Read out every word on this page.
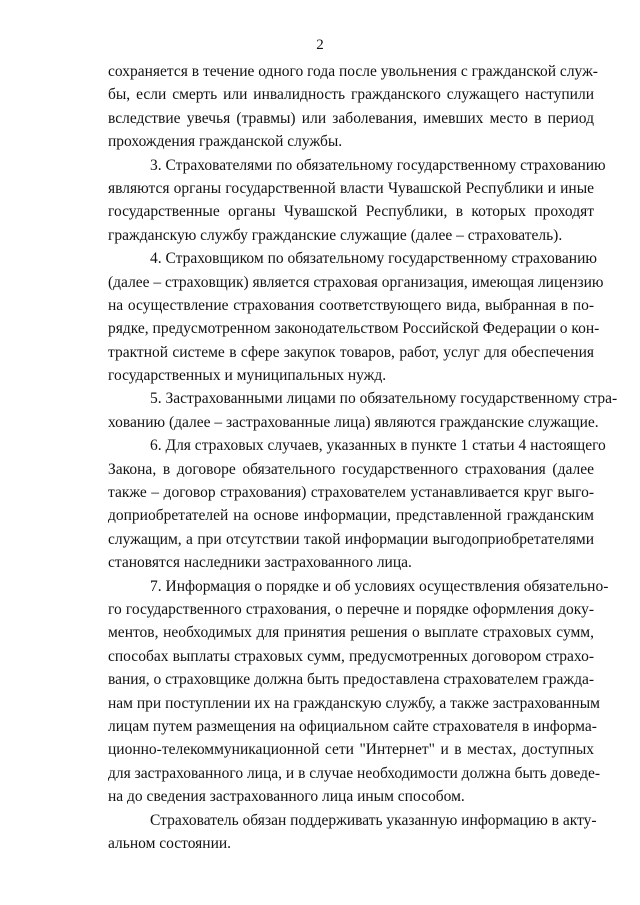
2
сохраняется в течение одного года после увольнения с гражданской служ-
бы, если смерть или инвалидность гражданского служащего наступили
вследствие увечья (травмы) или заболевания, имевших место в период
прохождения гражданской службы.
3. Страхователями по обязательному государственному страхованию
являются органы государственной власти Чувашской Республики и иные
государственные органы Чувашской Республики, в которых проходят
гражданскую службу гражданские служащие (далее – страхователь).
4. Страховщиком по обязательному государственному страхованию
(далее – страховщик) является страховая организация, имеющая лицензию
на осуществление страхования соответствующего вида, выбранная в по-
рядке, предусмотренном законодательством Российской Федерации о кон-
трактной системе в сфере закупок товаров, работ, услуг для обеспечения
государственных и муниципальных нужд.
5. Застрахованными лицами по обязательному государственному стра-
хованию (далее – застрахованные лица) являются гражданские служащие.
6. Для страховых случаев, указанных в пункте 1 статьи 4 настоящего
Закона, в договоре обязательного государственного страхования (далее
также – договор страхования) страхователем устанавливается круг выго-
доприобретателей на основе информации, представленной гражданским
служащим, а при отсутствии такой информации выгодоприобретателями
становятся наследники застрахованного лица.
7. Информация о порядке и об условиях осуществления обязательно-
го государственного страхования, о перечне и порядке оформления доку-
ментов, необходимых для принятия решения о выплате страховых сумм,
способах выплаты страховых сумм, предусмотренных договором страхо-
вания, о страховщике должна быть предоставлена страхователем гражда-
нам при поступлении их на гражданскую службу, а также застрахованным
лицам путем размещения на официальном сайте страхователя в информа-
ционно-телекоммуникационной сети "Интернет" и в местах, доступных
для застрахованного лица, и в случае необходимости должна быть доведе-
на до сведения застрахованного лица иным способом.
Страхователь обязан поддерживать указанную информацию в акту-
альном состоянии.
